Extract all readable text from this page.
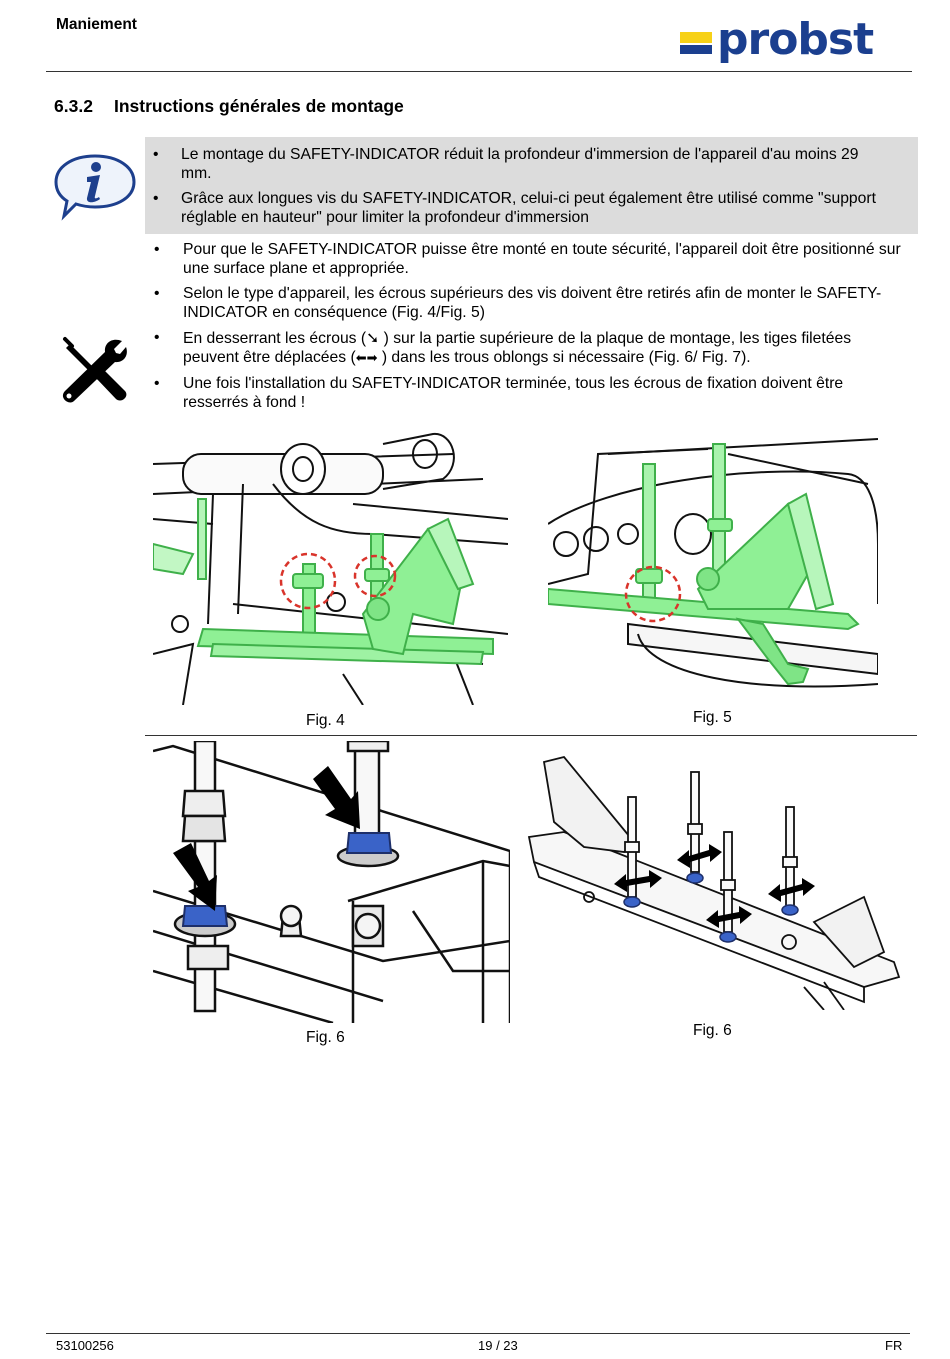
Maniement	probst
6.3.2 Instructions générales de montage
• Le montage du SAFETY-INDICATOR réduit la profondeur d'immersion de l'appareil d'au moins 29 mm.
• Grâce aux longues vis du SAFETY-INDICATOR, celui-ci peut également être utilisé comme "support réglable en hauteur" pour limiter la profondeur d'immersion
• Pour que le SAFETY-INDICATOR puisse être monté en toute sécurité, l'appareil doit être positionné sur une surface plane et appropriée.
• Selon le type d'appareil, les écrous supérieurs des vis doivent être retirés afin de monter le SAFETY-INDICATOR en conséquence (Fig. 4/Fig. 5)
• En desserrant les écrous (➘ ) sur la partie supérieure de la plaque de montage, les tiges filetées peuvent être déplacées (⬅➡ ) dans les trous oblongs si nécessaire (Fig. 6/ Fig. 7).
• Une fois l'installation du SAFETY-INDICATOR terminée, tous les écrous de fixation doivent être resserrés à fond !
Fig. 4	Fig. 5
Fig. 6	Fig. 6
53100256	19 / 23	FR
